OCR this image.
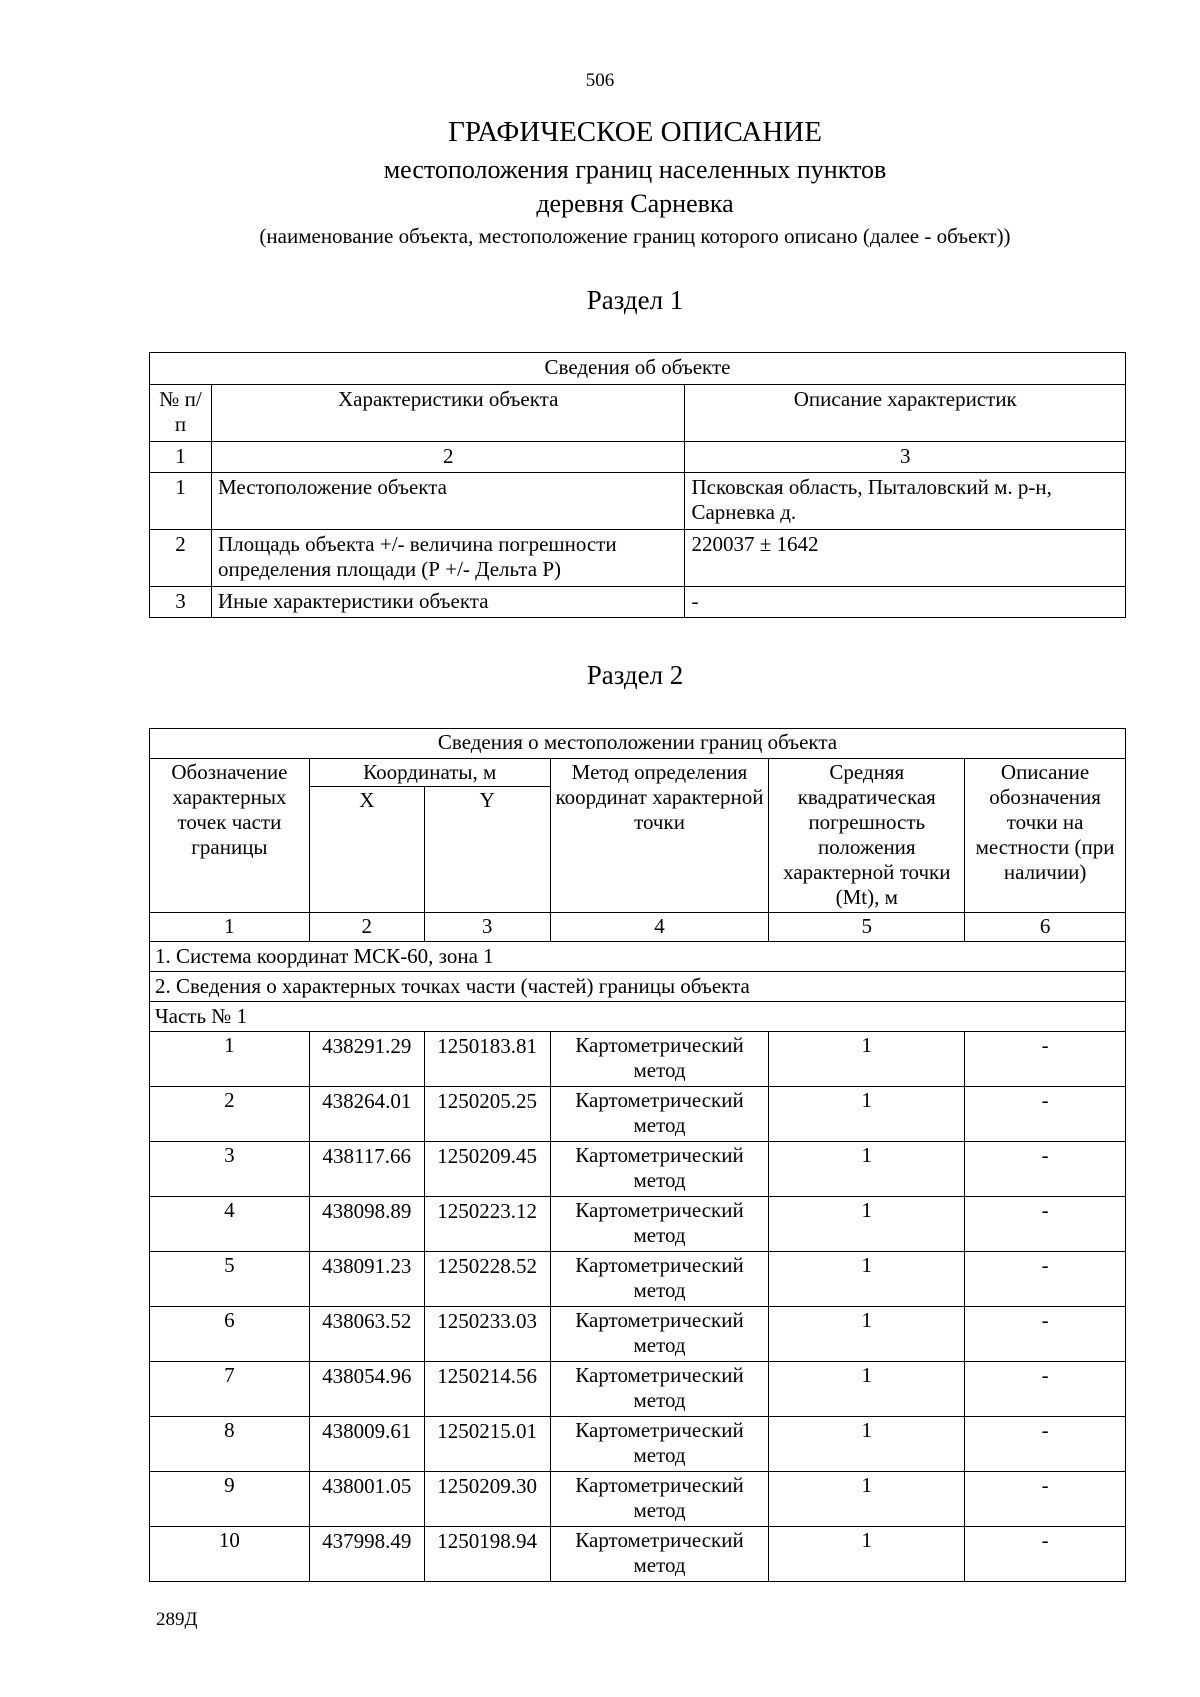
506
ГРАФИЧЕСКОЕ ОПИСАНИЕ
местоположения границ населенных пунктов
деревня Сарневка
(наименование объекта, местоположение границ которого описано (далее - объект))
Раздел 1
Сведения об объекте		
№ п/п	Характеристики объекта	Описание характеристик
1	2	3
1	Местоположение объекта	Псковская область, Пыталовский м. р-н, Сарневка д.
2	Площадь объекта +/- величина погрешности определения площади (Р +/- Дельта Р)	220037 ± 1642
3	Иные характеристики объекта	-
Раздел 2
Сведения о местоположении границ объекта					
Обозначение характерных точек части границы	Координаты, м		Метод определения координат характерной точки	Средняя квадратическая погрешность положения характерной точки (Mt), м	Описание обозначения точки на местности (при наличии)
	X	Y			
1	2	3	4	5	6
1. Система координат МСК-60, зона 1					
2. Сведения о характерных точках части (частей) границы объекта					
Часть № 1					
1	438291.29	1250183.81	Картометрический метод	1	-
2	438264.01	1250205.25	Картометрический метод	1	-
3	438117.66	1250209.45	Картометрический метод	1	-
4	438098.89	1250223.12	Картометрический метод	1	-
5	438091.23	1250228.52	Картометрический метод	1	-
6	438063.52	1250233.03	Картометрический метод	1	-
7	438054.96	1250214.56	Картометрический метод	1	-
8	438009.61	1250215.01	Картометрический метод	1	-
9	438001.05	1250209.30	Картометрический метод	1	-
10	437998.49	1250198.94	Картометрический метод	1	-
289Д
